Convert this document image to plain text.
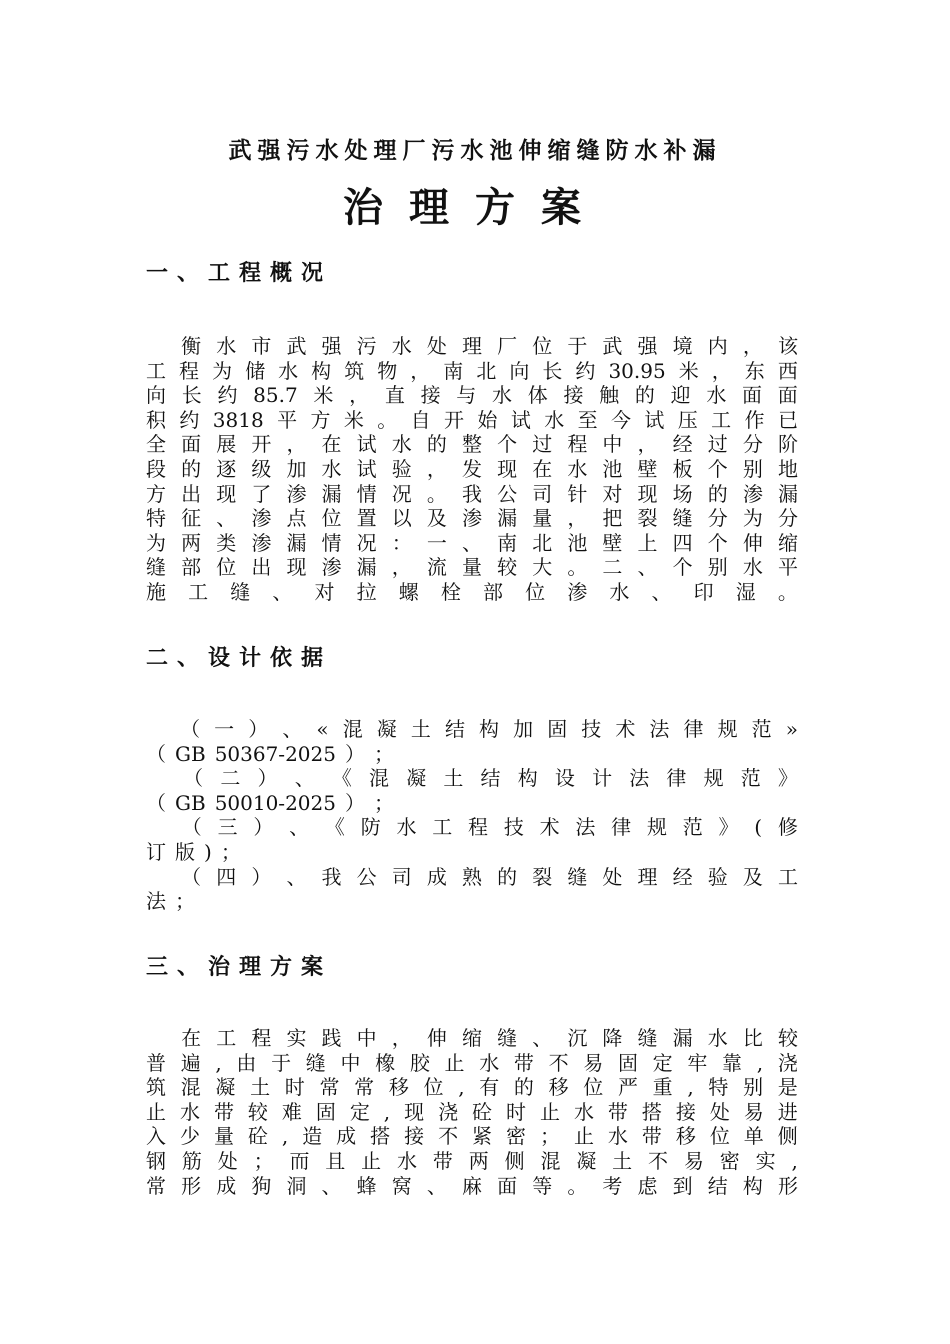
武强污水处理厂污水池伸缩缝防水补漏
治理方案
一、工程概况

衡 水 市 武 强 污 水 处 理 厂 位 于 武 强 境 内 ， 该
工 程 为 储 水 构 筑 物 ， 南 北 向 长 约 30.95 米 ， 东 西
向 长 约 85.7 米 ， 直 接 与 水 体 接 触 的 迎 水 面 面
积 约 3818 平 方 米 。 自 开 始 试 水 至 今 试 压 工 作 已
全 面 展 开 ， 在 试 水 的 整 个 过 程 中 ， 经 过 分 阶
段 的 逐 级 加 水 试 验 ， 发 现 在 水 池 壁 板 个 别 地
方 出 现 了 渗 漏 情 况 。 我 公 司 针 对 现 场 的 渗 漏
特 征 、 渗 点 位 置 以 及 渗 漏 量 ， 把 裂 缝 分 为 分
为 两 类 渗 漏 情 况 ： 一 、 南 北 池 壁 上 四 个 伸 缩
缝 部 位 出 现 渗 漏 ， 流 量 较 大 。 二 、 个 别 水 平
施 工 缝 、 对 拉 螺 栓 部 位 渗 水 、 印 湿 。
二、设计依据

（ 一 ） 、 « 混 凝 土 结 构 加 固 技 术 法 律 规 范 »
（ GB 50367-2025 ） ；

（ 二 ） 、 《 混 凝 土 结 构 设 计 法 律 规 范 》
（ GB 50010-2025 ） ；

（ 三 ） 、 《 防 水 工 程 技 术 法 律 规 范 》 ( 修
订 版 ) ；

（ 四 ） 、 我 公 司 成 熟 的 裂 缝 处 理 经 验 及 工
法 ；
三、治理方案

在 工 程 实 践 中 ， 伸 缩 缝 、 沉 降 缝 漏 水 比 较
普 遍 , 由 于 缝 中 橡 胶 止 水 带 不 易 固 定 牢 靠 , 浇
筑 混 凝 土 时 常 常 移 位 , 有 的 移 位 严 重 , 特 别 是
止 水 带 较 难 固 定 , 现 浇 砼 时 止 水 带 搭 接 处 易 进
入 少 量 砼 , 造 成 搭 接 不 紧 密 ； 止 水 带 移 位 单 侧
钢 筋 处 ； 而 且 止 水 带 两 侧 混 凝 土 不 易 密 实 ,
常 形 成 狗 洞 、 蜂 窝 、 麻 面 等 。 考 虑 到 结 构 形
